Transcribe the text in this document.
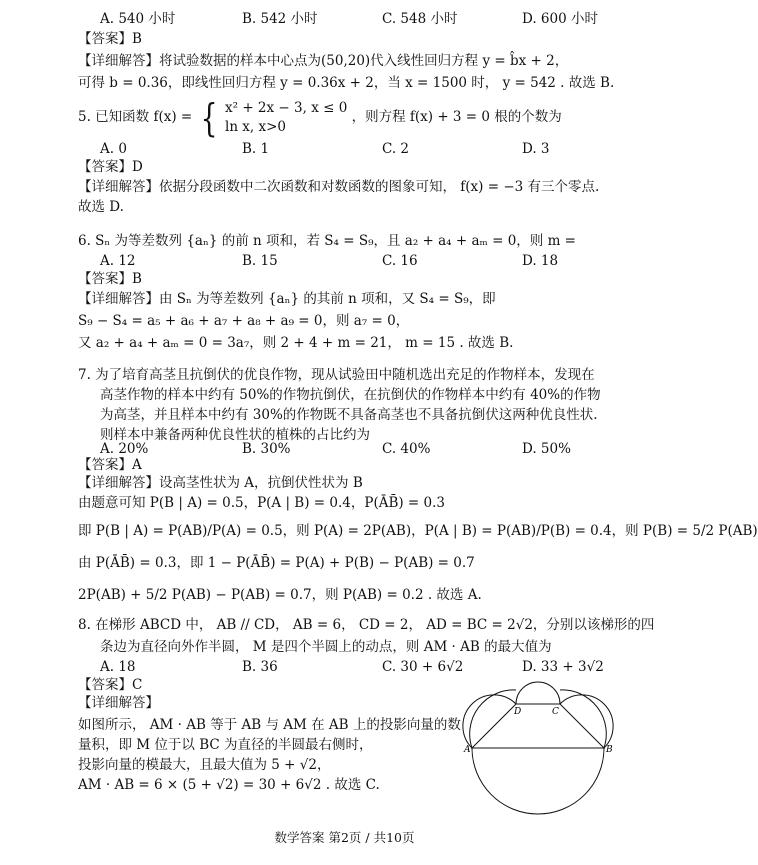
A. 540 小时	B. 542 小时	C. 548 小时	D. 600 小时
【答案】B
【详细解答】将试验数据的样本中心点为(50,20)代入线性回归方程 y = b̂x + 2，
可得 b = 0.36，即线性回归方程 y = 0.36x + 2，当 x = 1500 时， y = 542 . 故选 B.
5. 已知函数 f(x) = { x² + 2x − 3, x ≤ 0
ln x, x>0
，则方程 f(x) + 3 = 0 根的个数为
A. 0	B. 1	C. 2	D. 3
【答案】D
【详细解答】依据分段函数中二次函数和对数函数的图象可知， f(x) = −3 有三个零点.
故选 D.
6. Sₙ 为等差数列 {aₙ} 的前 n 项和，若 S₄ = S₉，且 a₂ + a₄ + aₘ = 0，则 m =
A. 12	B. 15	C. 16	D. 18
【答案】B
【详细解答】由 Sₙ 为等差数列 {aₙ} 的其前 n 项和，又 S₄ = S₉，即
S₉ − S₄ = a₅ + a₆ + a₇ + a₈ + a₉ = 0，则 a₇ = 0，
又 a₂ + a₄ + aₘ = 0 = 3a₇，则 2 + 4 + m = 21， m = 15 . 故选 B.
7. 为了培育高茎且抗倒伏的优良作物，现从试验田中随机选出充足的作物样本，发现在
高茎作物的样本中约有 50%的作物抗倒伏，在抗倒伏的作物样本中约有 40%的作物
为高茎，并且样本中约有 30%的作物既不具备高茎也不具备抗倒伏这两种优良性状.
则样本中兼备两种优良性状的植株的占比约为
A. 20%	B. 30%	C. 40%	D. 50%
【答案】A
【详细解答】设高茎性状为 A，抗倒伏性状为 B
由题意可知 P(B | A) = 0.5，P(A | B) = 0.4，P(ĀB̄) = 0.3
即 P(B | A) = P(AB)/P(A) = 0.5，则 P(A) = 2P(AB)，P(A | B) = P(AB)/P(B) = 0.4，则 P(B) = 5/2 P(AB)
由 P(ĀB̄) = 0.3，即 1 − P(ĀB̄) = P(A) + P(B) − P(AB) = 0.7
2P(AB) + 5/2 P(AB) − P(AB) = 0.7，则 P(AB) = 0.2 . 故选 A.
8. 在梯形 ABCD 中， AB // CD， AB = 6， CD = 2， AD = BC = 2√2，分别以该梯形的四
条边为直径向外作半圆， M 是四个半圆上的动点，则 AM · AB 的最大值为
A. 18	B. 36	C. 30 + 6√2	D. 33 + 3√2
【答案】C
【详细解答】
如图所示， AM · AB 等于 AB 与 AM 在 AB 上的投影向量的数
量积，即 M 位于以 BC 为直径的半圆最右侧时，
投影向量的模最大，且最大值为 5 + √2，
AM · AB = 6 × (5 + √2) = 30 + 6√2 . 故选 C.
A	B
C
D
数学答案 第2页 / 共10页
